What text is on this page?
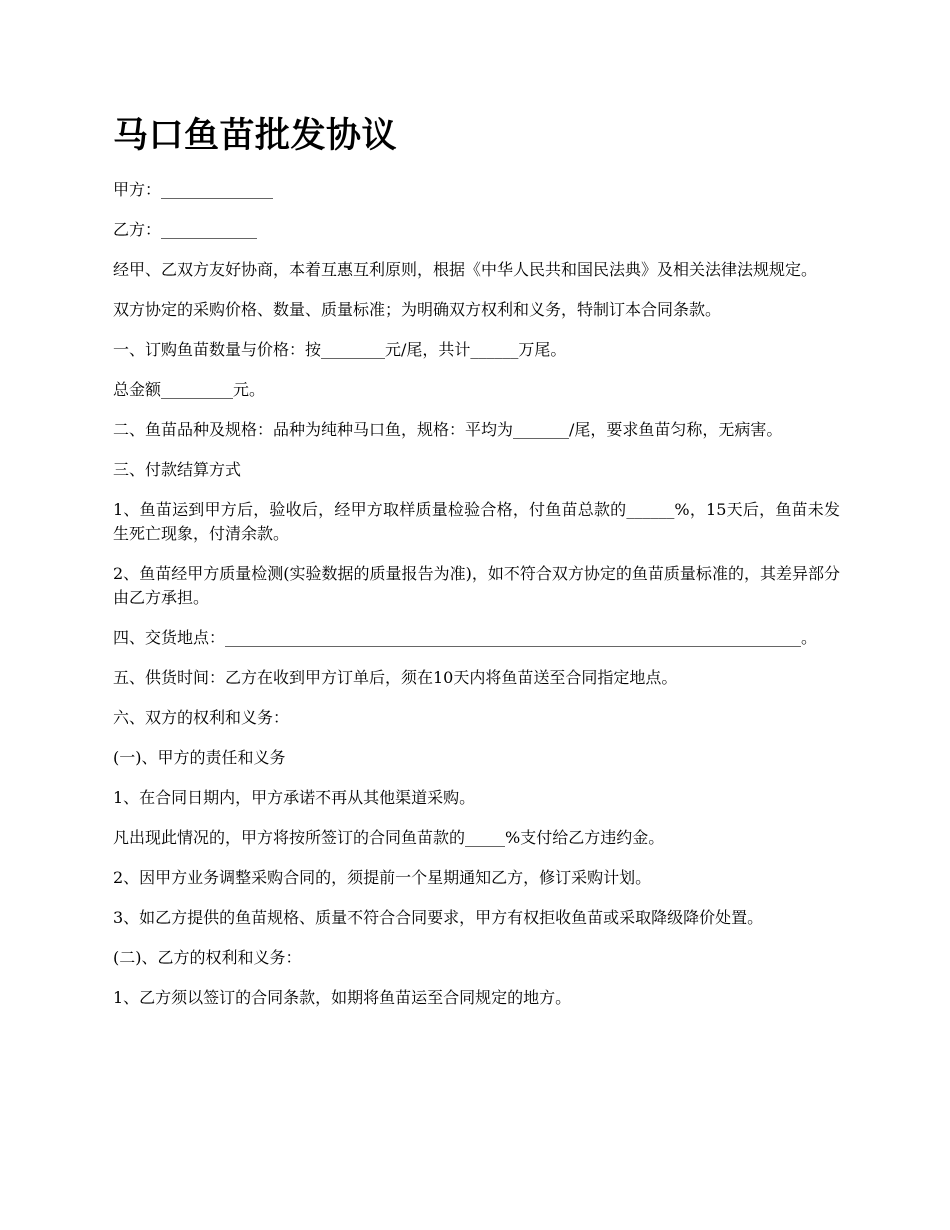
马口鱼苗批发协议

甲方：______________

乙方：____________

经甲、乙双方友好协商，本着互惠互利原则，根据《中华人民共和国民法典》及相关法律法规规定。

双方协定的采购价格、数量、质量标准；为明确双方权利和义务，特制订本合同条款。

一、订购鱼苗数量与价格：按________元/尾，共计______万尾。

总金额_________元。

二、鱼苗品种及规格：品种为纯种马口鱼，规格：平均为_______/尾，要求鱼苗匀称，无病害。

三、付款结算方式

1、鱼苗运到甲方后，验收后，经甲方取样质量检验合格，付鱼苗总款的______%，15天后，鱼苗未发生死亡现象，付清余款。

2、鱼苗经甲方质量检测(实验数据的质量报告为准)，如不符合双方协定的鱼苗质量标准的，其差异部分由乙方承担。

四、交货地点：________________________________________________________________________。

五、供货时间：乙方在收到甲方订单后，须在10天内将鱼苗送至合同指定地点。

六、双方的权利和义务：

(一)、甲方的责任和义务

1、在合同日期内，甲方承诺不再从其他渠道采购。

凡出现此情况的，甲方将按所签订的合同鱼苗款的_____%支付给乙方违约金。

2、因甲方业务调整采购合同的，须提前一个星期通知乙方，修订采购计划。

3、如乙方提供的鱼苗规格、质量不符合合同要求，甲方有权拒收鱼苗或采取降级降价处置。

(二)、乙方的权利和义务：

1、乙方须以签订的合同条款，如期将鱼苗运至合同规定的地方。
